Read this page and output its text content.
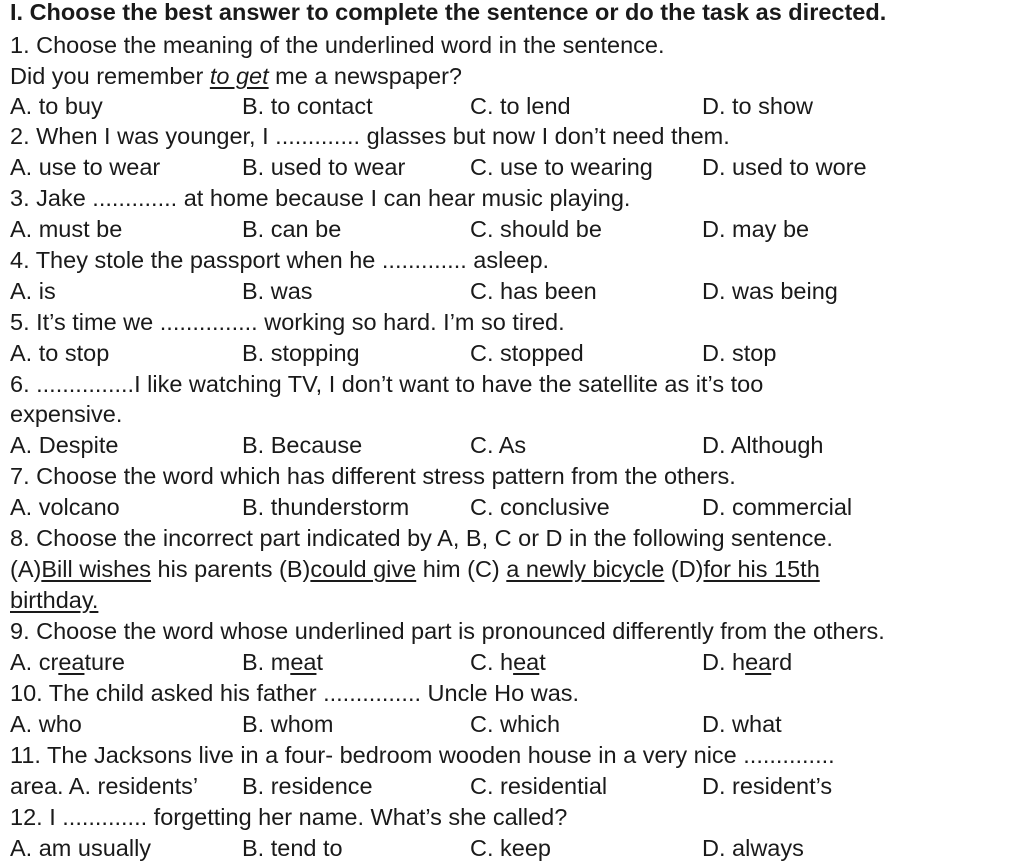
I. Choose the best answer to complete the sentence or do the task as directed.
1. Choose the meaning of the underlined word in the sentence.
Did you remember to get me a newspaper?
A. to buy	B. to contact	C. to lend	D. to show
2. When I was younger, I ............. glasses but now I don’t need them.
A. use to wear	B. used to wear	C. use to wearing D. used to wore
3. Jake ............. at home because I can hear music playing.
A. must be	B. can be	C. should be	D. may be
4. They stole the passport when he ............. asleep.
A. is	B. was	C. has been	D. was being
5. It’s time we ............... working so hard. I’m so tired.
A. to stop	B. stopping	C. stopped	D. stop
6. ...............I like watching TV, I don’t want to have the satellite as it’s too
expensive.
A. Despite	B. Because	C. As	D. Although
7. Choose the word which has different stress pattern from the others.
A. volcano	B. thunderstorm	C. conclusive	D. commercial
8. Choose the incorrect part indicated by A, B, C or D in the following sentence.
(A)Bill wishes his parents (B)could give him (C) a newly bicycle (D)for his 15th
birthday.
9. Choose the word whose underlined part is pronounced differently from the others.
A. creature	B. meat	C. heat	D. heard
10. The child asked his father ............... Uncle Ho was.
A. who	B. whom	C. which	D. what
11. The Jacksons live in a four- bedroom wooden house in a very nice ..............
area. A. residents’ B. residence	C. residential	D. resident’s
12. I ............. forgetting her name. What’s she called?
A. am usually	B. tend to	C. keep	D. always
